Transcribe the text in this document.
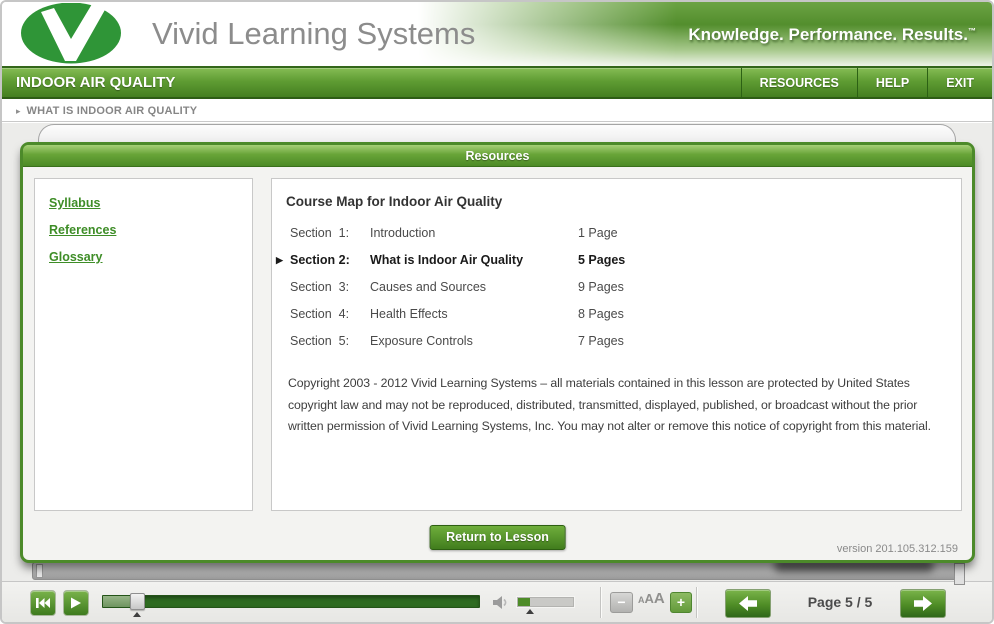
Vivid Learning Systems	Knowledge. Performance. Results.™
INDOOR AIR QUALITY	RESOURCES	HELP	EXIT
▸ WHAT IS INDOOR AIR QUALITY
Resources
Syllabus
References
Glossary
Course Map for Indoor Air Quality
Section  1:	Introduction	1 Page
▶ Section 2:	What is Indoor Air Quality	5 Pages
Section  3:	Causes and Sources	9 Pages
Section  4:	Health Effects	8 Pages
Section  5:	Exposure Controls	7 Pages

Copyright 2003 - 2012 Vivid Learning Systems – all materials contained in this lesson are protected by United States copyright law and may not be reproduced, distributed, transmitted, displayed, published, or broadcast without the prior written permission of Vivid Learning Systems, Inc. You may not alter or remove this notice of copyright from this material.

Return to Lesson
version 201.105.312.159
−	A A A +	Page 5 / 5
